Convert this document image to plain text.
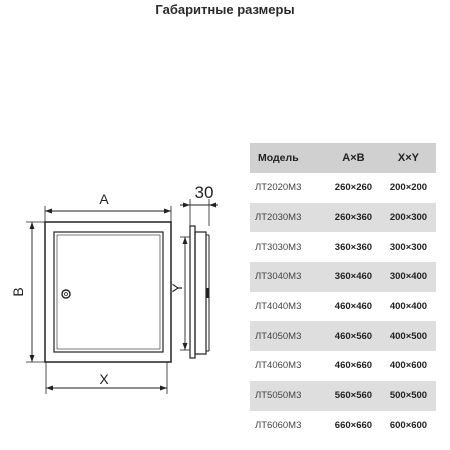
Габаритные размеры
A
B
X
Y
30
Модель	A×B	X×Y
ЛТ2020М3	260×260	200×200
ЛТ2030М3	260×360	200×300
ЛТ3030М3	360×360	300×300
ЛТ3040М3	360×460	300×400
ЛТ4040М3	460×460	400×400
ЛТ4050М3	460×560	400×500
ЛТ4060М3	460×660	400×600
ЛТ5050М3	560×560	500×500
ЛТ6060М3	660×660	600×600
